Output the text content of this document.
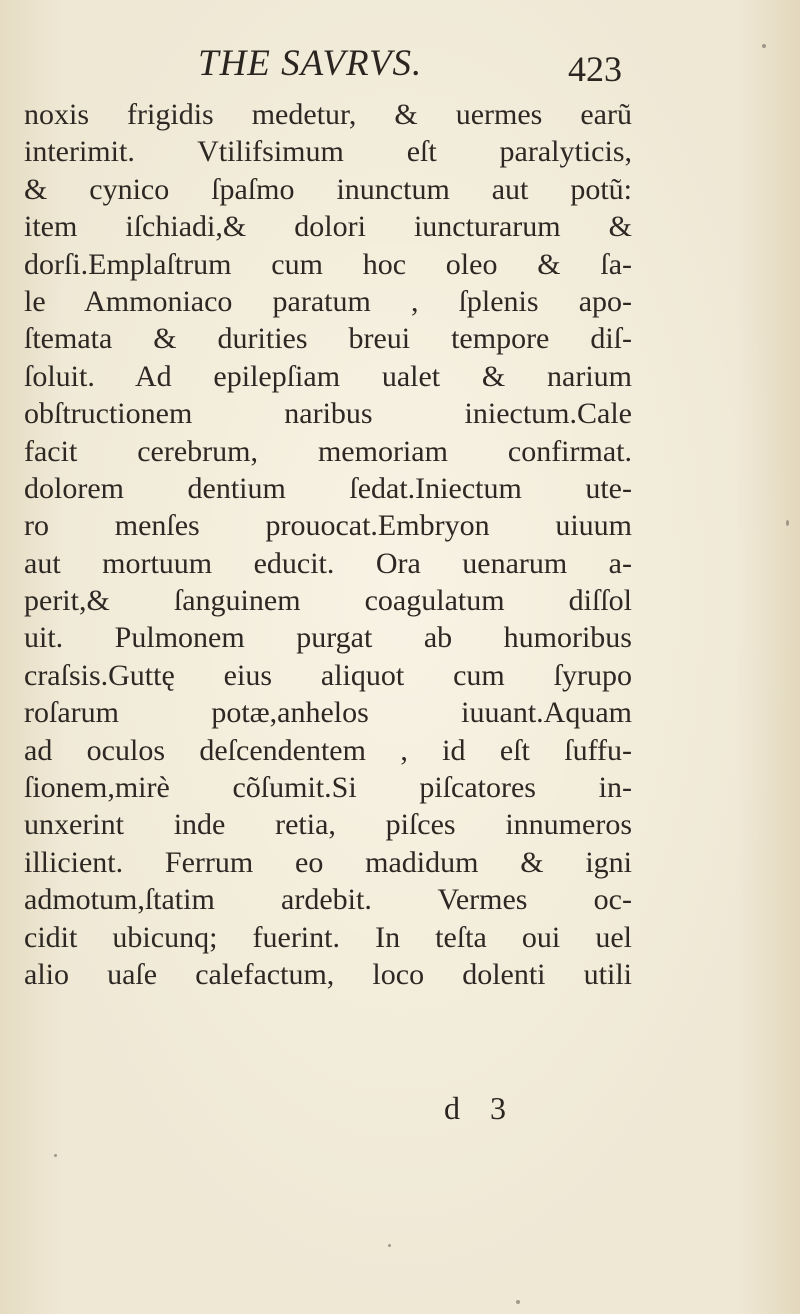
THE SAVRVS.	423
noxis frigidis medetur, & uermes earũ
interimit. Vtilifsimum eſt paralyticis,
& cynico ſpaſmo inunctum aut potũ:
item iſchiadi,& dolori iuncturarum &
dorſi.Emplaſtrum cum hoc oleo & ſa-
le Ammoniaco paratum , ſplenis apo-
ſtemata & durities breui tempore diſ-
ſoluit. Ad epilepſiam ualet & narium
obſtructionem naribus iniectum.Cale
facit cerebrum, memoriam confirmat.
dolorem dentium ſedat.Iniectum ute-
ro menſes prouocat.Embryon uiuum
aut mortuum educit. Ora uenarum a-
perit,& ſanguinem coagulatum diſſol
uit. Pulmonem purgat ab humoribus
craſsis.Guttę eius aliquot cum ſyrupo
roſarum potæ,anhelos iuuant.Aquam
ad oculos deſcendentem , id eſt ſuffu-
ſionem,mirè cõſumit.Si piſcatores in-
unxerint inde retia, piſces innumeros
illicient. Ferrum eo madidum & igni
admotum,ſtatim ardebit. Vermes oc-
cidit ubicunq; fuerint. In teſta oui uel
alio uaſe calefactum, loco dolenti utili
d 3
